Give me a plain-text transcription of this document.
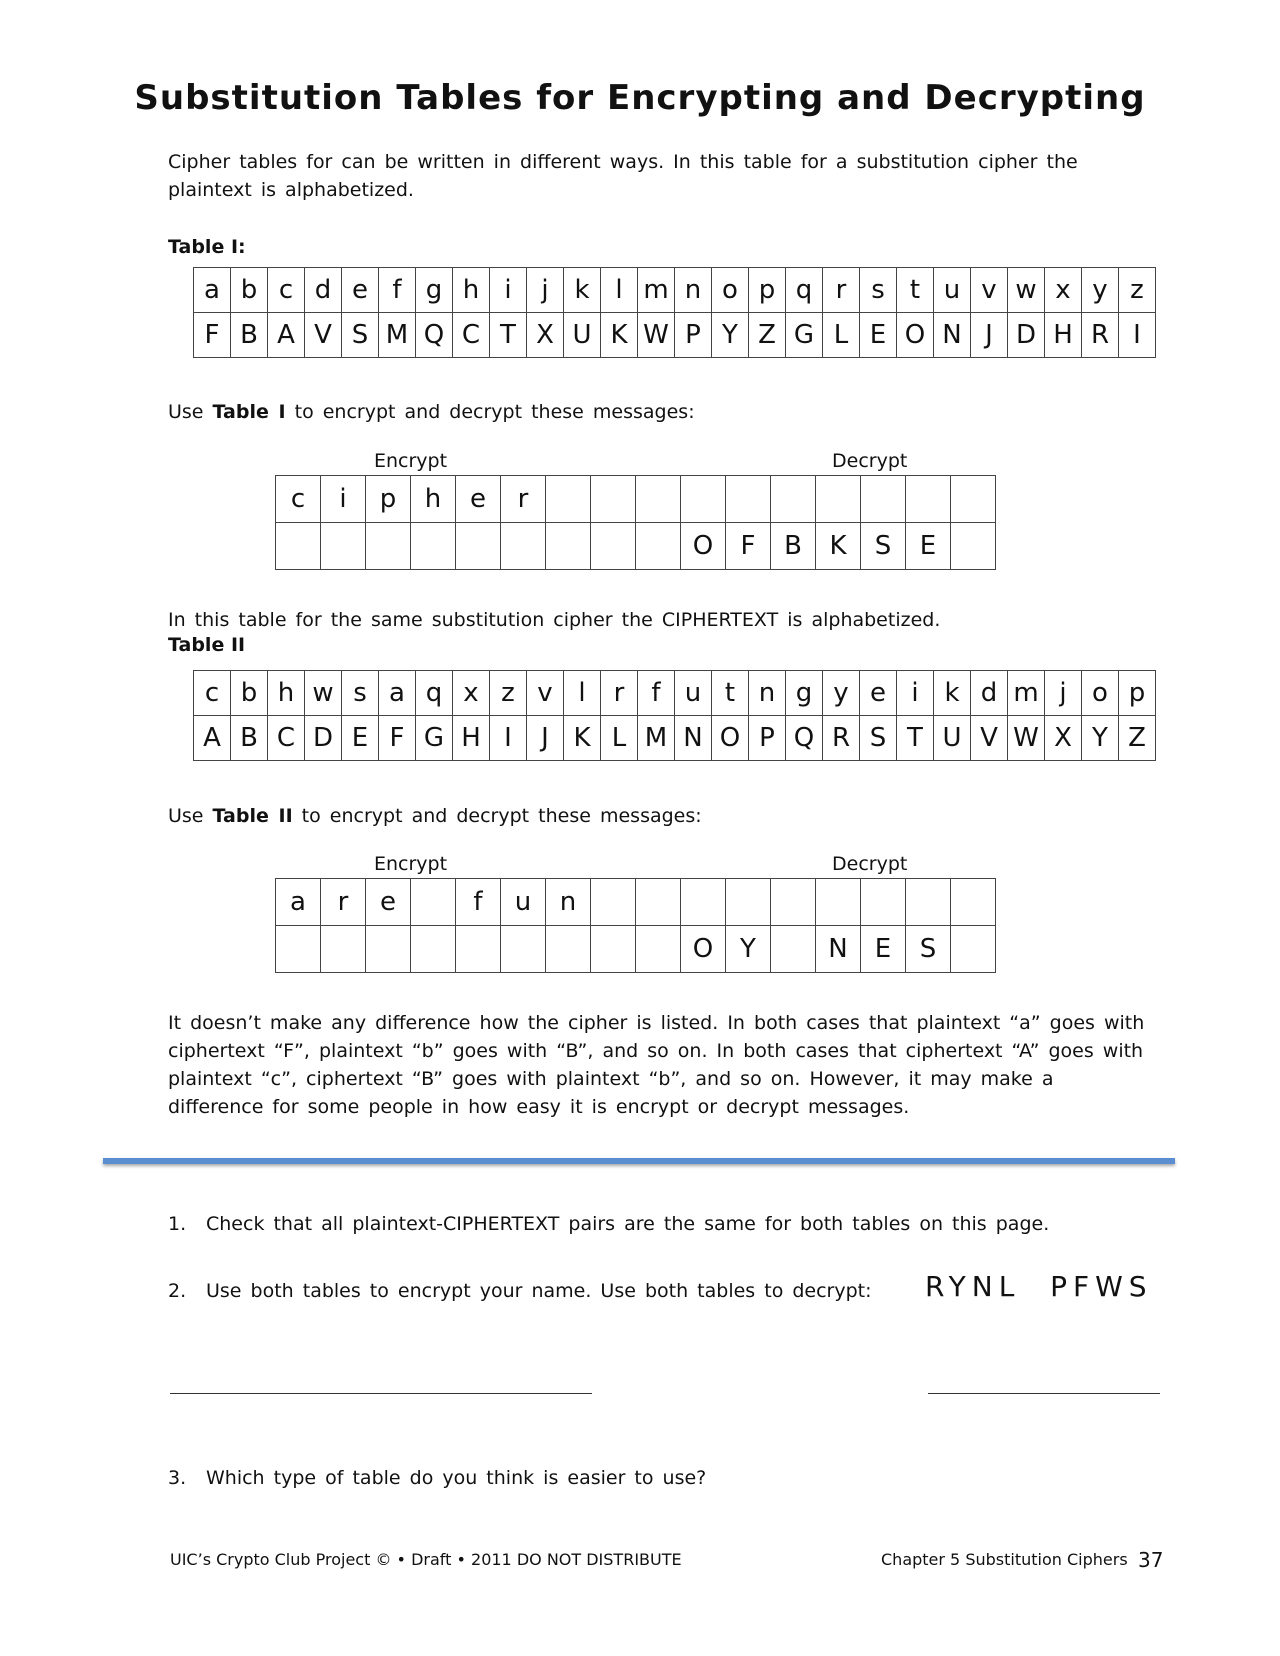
Substitution Tables for Encrypting and Decrypting
Cipher tables for can be written in different ways. In this table for a substitution cipher the plaintext is alphabetized.
Table I:
a	b	c	d	e	f	g	h	i	j	k	l	m	n	o	p	q	r	s	t	u	v	w	x	y	z
F	B	A	V	S	M	Q	C	T	X	U	K	W	P	Y	Z	G	L	E	O	N	J	D	H	R	I
Use Table I to encrypt and decrypt these messages:
Encrypt	Decrypt
c	i	p	h	e	r										
									O	F	B	K	S	E	
In this table for the same substitution cipher the CIPHERTEXT is alphabetized.
Table II
c	b	h	w	s	a	q	x	z	v	l	r	f	u	t	n	g	y	e	i	k	d	m	j	o	p
A	B	C	D	E	F	G	H	I	J	K	L	M	N	O	P	Q	R	S	T	U	V	W	X	Y	Z
Use Table II to encrypt and decrypt these messages:
Encrypt	Decrypt
a	r	e		f	u	n									
									O	Y		N	E	S	
It doesn’t make any difference how the cipher is listed. In both cases that plaintext “a” goes with ciphertext “F”, plaintext “b” goes with “B”, and so on. In both cases that ciphertext “A” goes with plaintext “c”, ciphertext “B” goes with plaintext “b”, and so on. However, it may make a difference for some people in how easy it is encrypt or decrypt messages.
1. Check that all plaintext-CIPHERTEXT pairs are the same for both tables on this page.
2. Use both tables to encrypt your name. Use both tables to decrypt: RYNL  PFWS
3. Which type of table do you think is easier to use?
UIC’s Crypto Club Project © • Draft • 2011 DO NOT DISTRIBUTE	Chapter 5 Substitution Ciphers 37
